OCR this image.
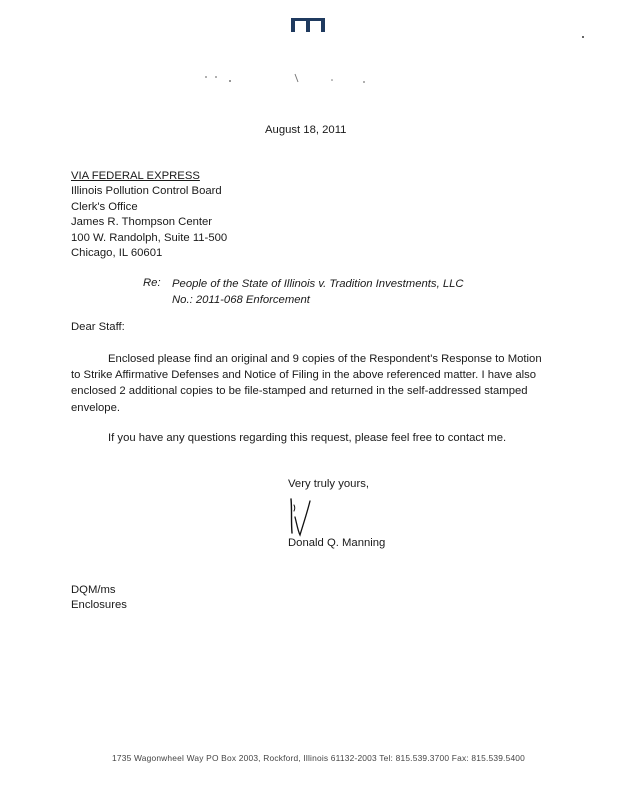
August 18, 2011
VIA FEDERAL EXPRESS
Illinois Pollution Control Board
Clerk's Office
James R. Thompson Center
100 W. Randolph, Suite 11-500
Chicago, IL 60601
Re: People of the State of Illinois v. Tradition Investments, LLC
No.: 2011-068 Enforcement
Dear Staff:
Enclosed please find an original and 9 copies of the Respondent's Response to Motion to Strike Affirmative Defenses and Notice of Filing in the above referenced matter. I have also enclosed 2 additional copies to be file-stamped and returned in the self-addressed stamped envelope.
If you have any questions regarding this request, please feel free to contact me.
Very truly yours,
Donald Q. Manning
DQM/ms
Enclosures
1735 Wagonwheel Way PO Box 2003, Rockford, Illinois 61132-2003 Tel: 815.539.3700 Fax: 815.539.5400
